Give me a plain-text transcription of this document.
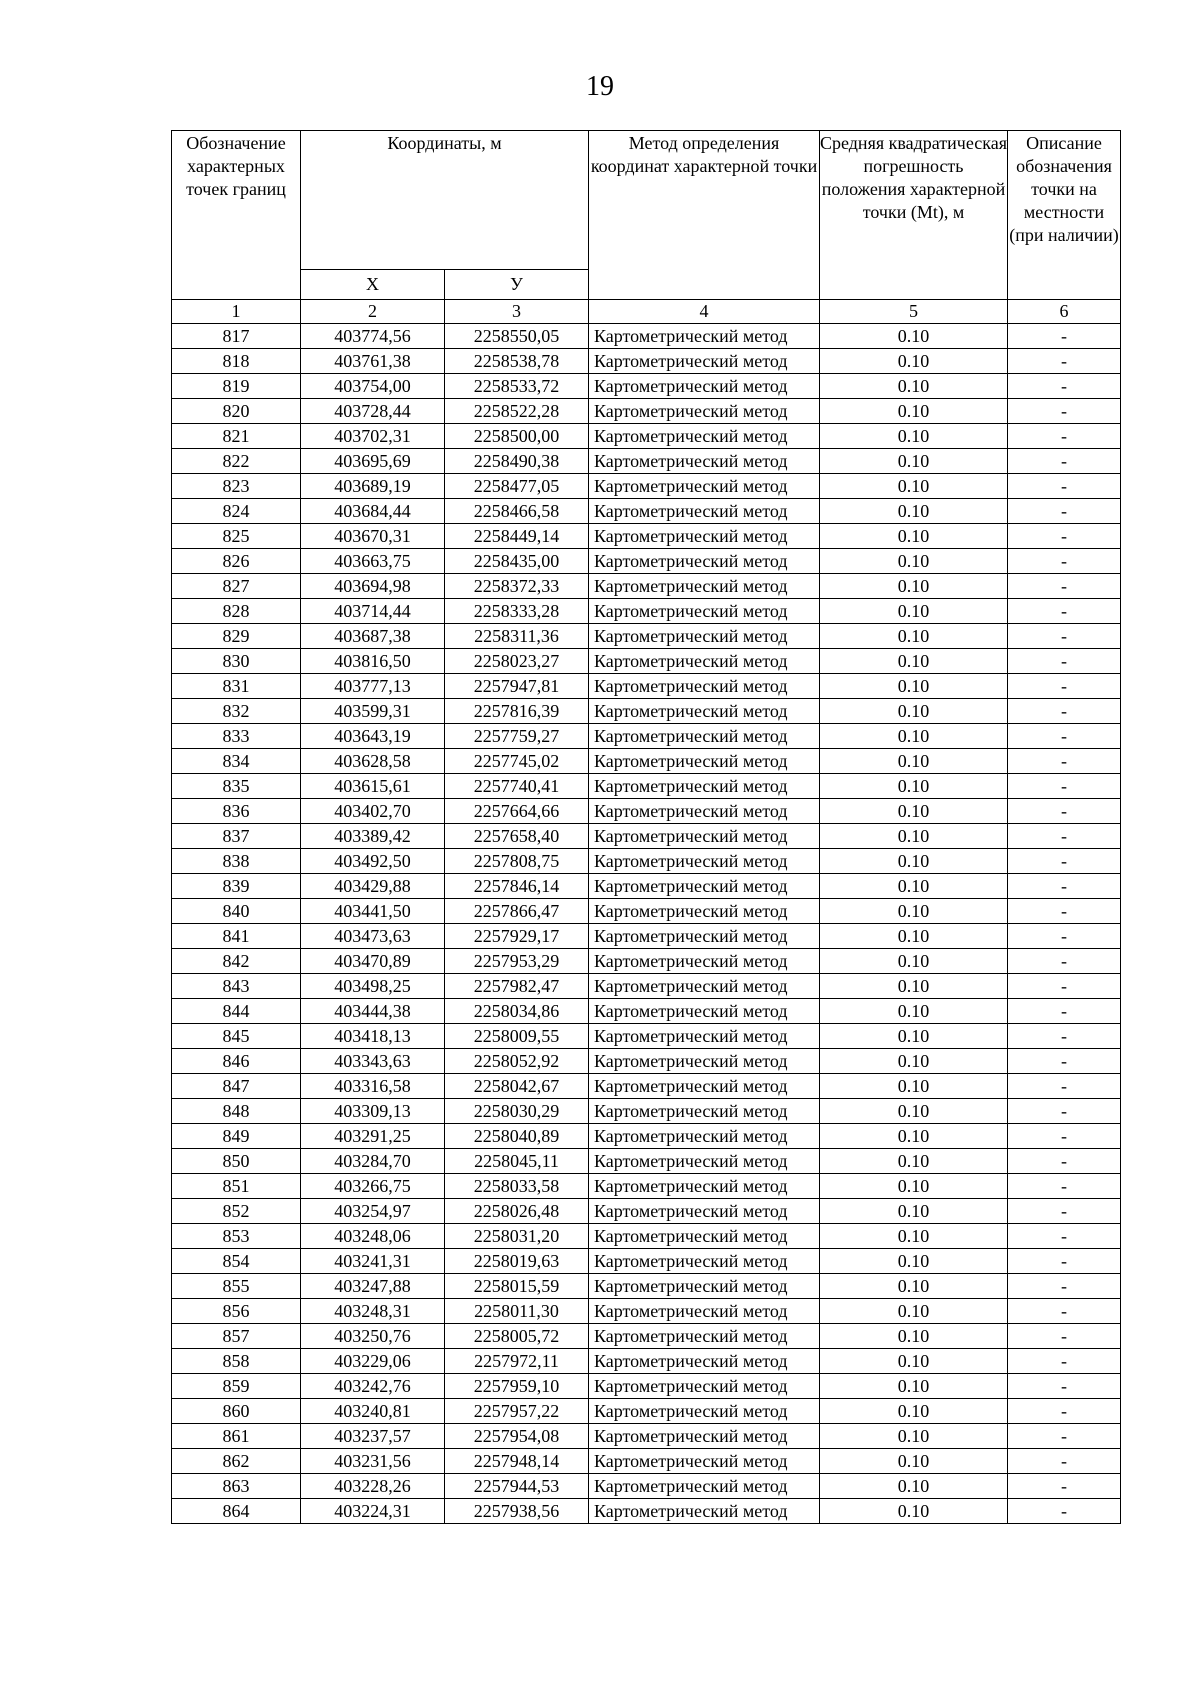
19
Обозначение характерных точек границ	Координаты, м		Метод определения координат характерной точки	Средняя квадратическая погрешность положения характерной точки (Mt), м	Описание обозначения точки на местности (при наличии)
	Х	У			
1	2	3	4	5	6
817	403774,56	2258550,05	Картометрический метод	0.10	-
818	403761,38	2258538,78	Картометрический метод	0.10	-
819	403754,00	2258533,72	Картометрический метод	0.10	-
820	403728,44	2258522,28	Картометрический метод	0.10	-
821	403702,31	2258500,00	Картометрический метод	0.10	-
822	403695,69	2258490,38	Картометрический метод	0.10	-
823	403689,19	2258477,05	Картометрический метод	0.10	-
824	403684,44	2258466,58	Картометрический метод	0.10	-
825	403670,31	2258449,14	Картометрический метод	0.10	-
826	403663,75	2258435,00	Картометрический метод	0.10	-
827	403694,98	2258372,33	Картометрический метод	0.10	-
828	403714,44	2258333,28	Картометрический метод	0.10	-
829	403687,38	2258311,36	Картометрический метод	0.10	-
830	403816,50	2258023,27	Картометрический метод	0.10	-
831	403777,13	2257947,81	Картометрический метод	0.10	-
832	403599,31	2257816,39	Картометрический метод	0.10	-
833	403643,19	2257759,27	Картометрический метод	0.10	-
834	403628,58	2257745,02	Картометрический метод	0.10	-
835	403615,61	2257740,41	Картометрический метод	0.10	-
836	403402,70	2257664,66	Картометрический метод	0.10	-
837	403389,42	2257658,40	Картометрический метод	0.10	-
838	403492,50	2257808,75	Картометрический метод	0.10	-
839	403429,88	2257846,14	Картометрический метод	0.10	-
840	403441,50	2257866,47	Картометрический метод	0.10	-
841	403473,63	2257929,17	Картометрический метод	0.10	-
842	403470,89	2257953,29	Картометрический метод	0.10	-
843	403498,25	2257982,47	Картометрический метод	0.10	-
844	403444,38	2258034,86	Картометрический метод	0.10	-
845	403418,13	2258009,55	Картометрический метод	0.10	-
846	403343,63	2258052,92	Картометрический метод	0.10	-
847	403316,58	2258042,67	Картометрический метод	0.10	-
848	403309,13	2258030,29	Картометрический метод	0.10	-
849	403291,25	2258040,89	Картометрический метод	0.10	-
850	403284,70	2258045,11	Картометрический метод	0.10	-
851	403266,75	2258033,58	Картометрический метод	0.10	-
852	403254,97	2258026,48	Картометрический метод	0.10	-
853	403248,06	2258031,20	Картометрический метод	0.10	-
854	403241,31	2258019,63	Картометрический метод	0.10	-
855	403247,88	2258015,59	Картометрический метод	0.10	-
856	403248,31	2258011,30	Картометрический метод	0.10	-
857	403250,76	2258005,72	Картометрический метод	0.10	-
858	403229,06	2257972,11	Картометрический метод	0.10	-
859	403242,76	2257959,10	Картометрический метод	0.10	-
860	403240,81	2257957,22	Картометрический метод	0.10	-
861	403237,57	2257954,08	Картометрический метод	0.10	-
862	403231,56	2257948,14	Картометрический метод	0.10	-
863	403228,26	2257944,53	Картометрический метод	0.10	-
864	403224,31	2257938,56	Картометрический метод	0.10	-
